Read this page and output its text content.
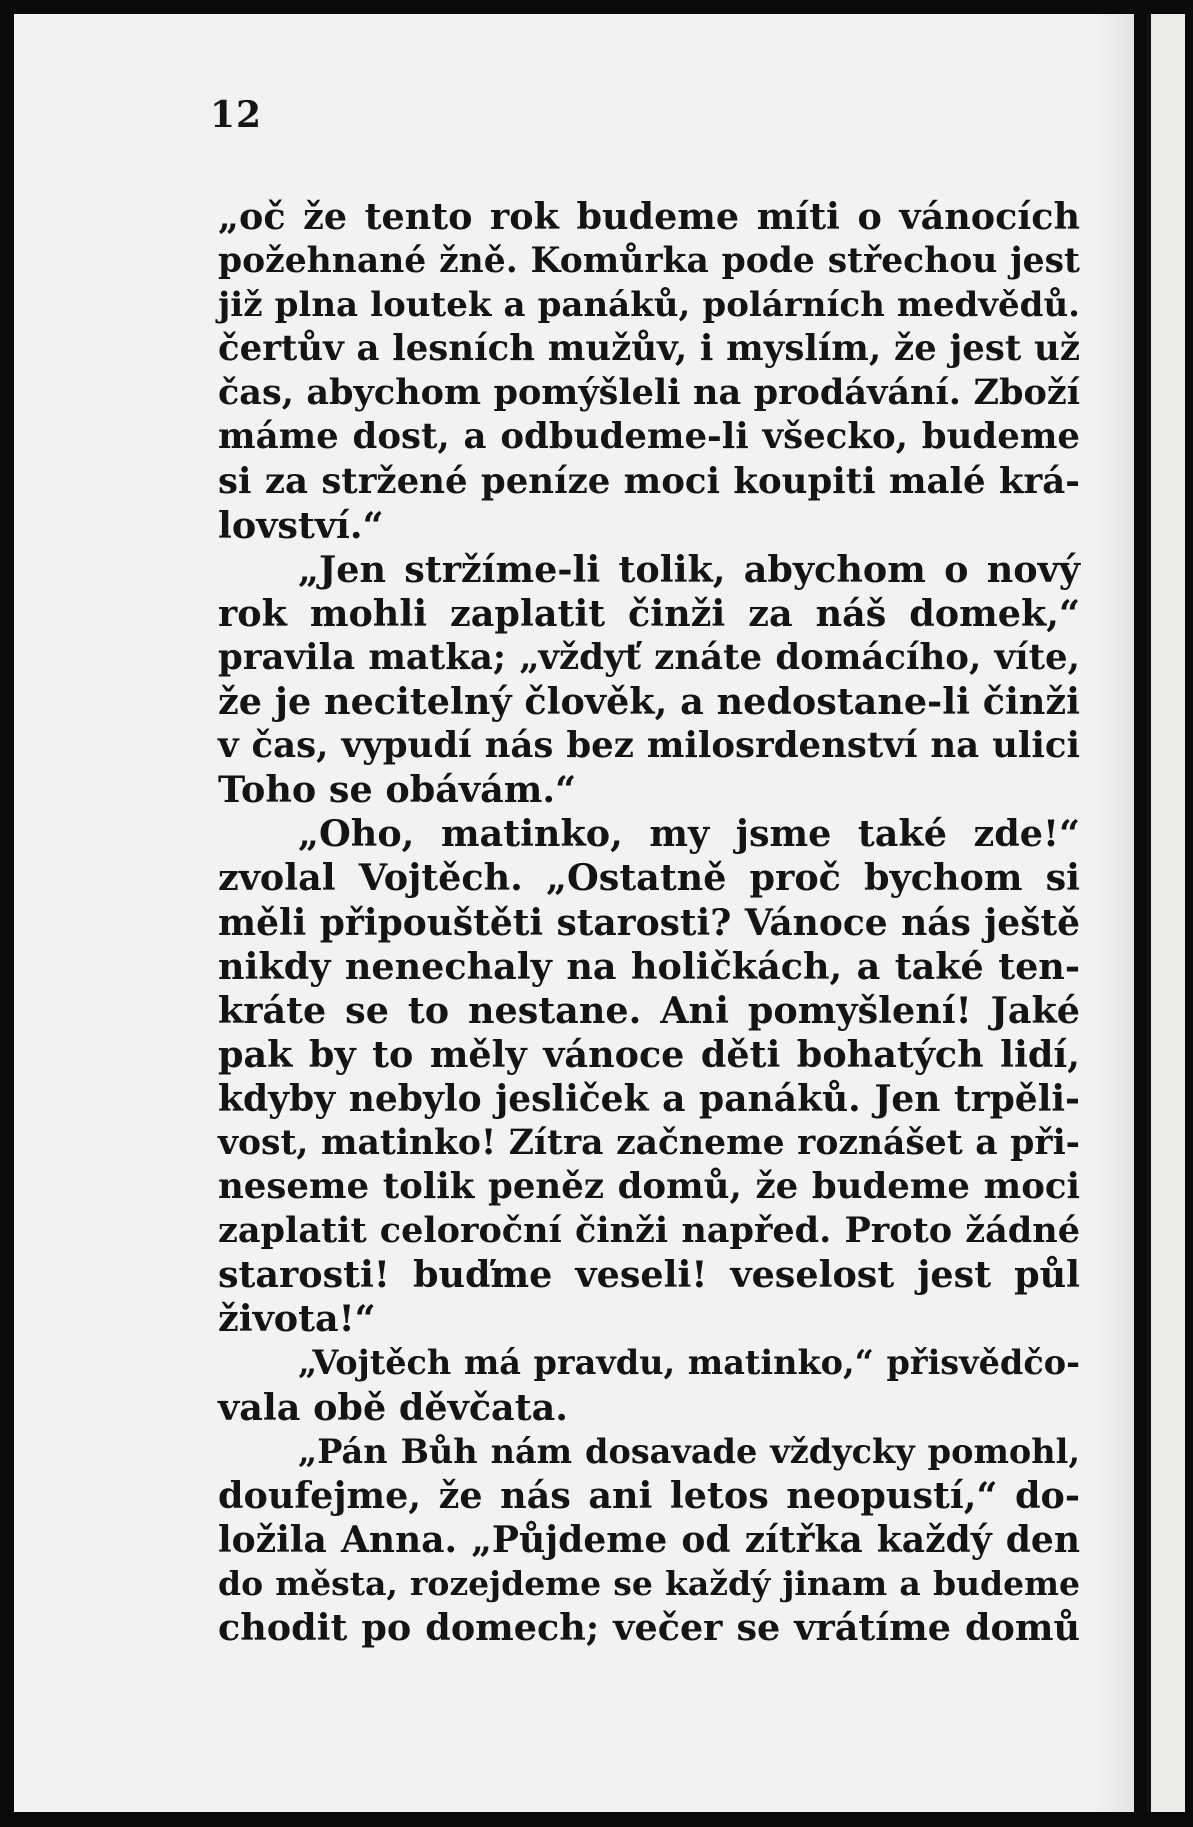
12
„oč že tento rok budeme míti o vánocích
požehnané žně. Komůrka pode střechou jest
již plna loutek a panáků, polárních medvědů.
čertův a lesních mužův, i myslím, že jest už
čas, abychom pomýšleli na prodávání. Zboží
máme dost, a odbudeme-li všecko, budeme
si za stržené peníze moci koupiti malé krá-
lovství.“
„Jen stržíme-li tolik, abychom o nový
rok mohli zaplatit činži za náš domek,“
pravila matka; „vždyť znáte domácího, víte,
že je necitelný člověk, a nedostane-li činži
v čas, vypudí nás bez milosrdenství na ulici
Toho se obávám.“
„Oho, matinko, my jsme také zde!“
zvolal Vojtěch. „Ostatně proč bychom si
měli připouštěti starosti? Vánoce nás ještě
nikdy nenechaly na holičkách, a také ten-
kráte se to nestane. Ani pomyšlení! Jaké
pak by to měly vánoce děti bohatých lidí,
kdyby nebylo jesliček a panáků. Jen trpěli-
vost, matinko! Zítra začneme roznášet a při-
neseme tolik peněz domů, že budeme moci
zaplatit celoroční činži napřed. Proto žádné
starosti! buďme veseli! veselost jest půl
života!“
„Vojtěch má pravdu, matinko,“ přisvědčo-
vala obě děvčata.
„Pán Bůh nám dosavade vždycky pomohl,
doufejme, že nás ani letos neopustí,“ do-
ložila Anna. „Půjdeme od zítřka každý den
do města, rozejdeme se každý jinam a budeme
chodit po domech; večer se vrátíme domů
